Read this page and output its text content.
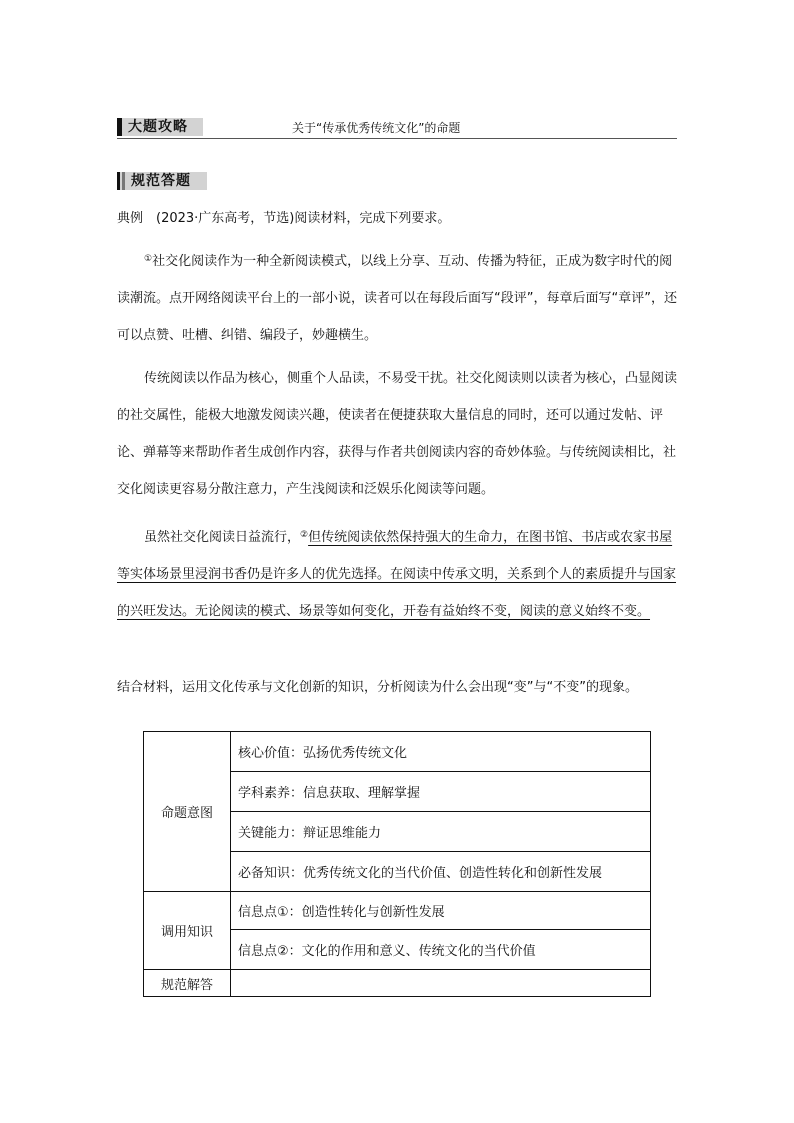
大题攻略	关于“传承优秀传统文化”的命题
规范答题

典例　(2023·广东高考，节选)阅读材料，完成下列要求。

①社交化阅读作为一种全新阅读模式，以线上分享、互动、传播为特征，正成为数字时代的阅读潮流。点开网络阅读平台上的一部小说，读者可以在每段后面写“段评”，每章后面写“章评”，还可以点赞、吐槽、纠错、编段子，妙趣横生。

传统阅读以作品为核心，侧重个人品读，不易受干扰。社交化阅读则以读者为核心，凸显阅读的社交属性，能极大地激发阅读兴趣，使读者在便捷获取大量信息的同时，还可以通过发帖、评论、弹幕等来帮助作者生成创作内容，获得与作者共创阅读内容的奇妙体验。与传统阅读相比，社交化阅读更容易分散注意力，产生浅阅读和泛娱乐化阅读等问题。

虽然社交化阅读日益流行，②但传统阅读依然保持强大的生命力，在图书馆、书店或农家书屋等实体场景里浸润书香仍是许多人的优先选择。在阅读中传承文明，关系到个人的素质提升与国家的兴旺发达。无论阅读的模式、场景等如何变化，开卷有益始终不变，阅读的意义始终不变。

结合材料，运用文化传承与文化创新的知识，分析阅读为什么会出现“变”与“不变”的现象。

命题意图	核心价值：弘扬优秀传统文化
	学科素养：信息获取、理解掌握
	关键能力：辩证思维能力
	必备知识：优秀传统文化的当代价值、创造性转化和创新性发展
调用知识	信息点①：创造性转化与创新性发展
	信息点②：文化的作用和意义、传统文化的当代价值
规范解答	
